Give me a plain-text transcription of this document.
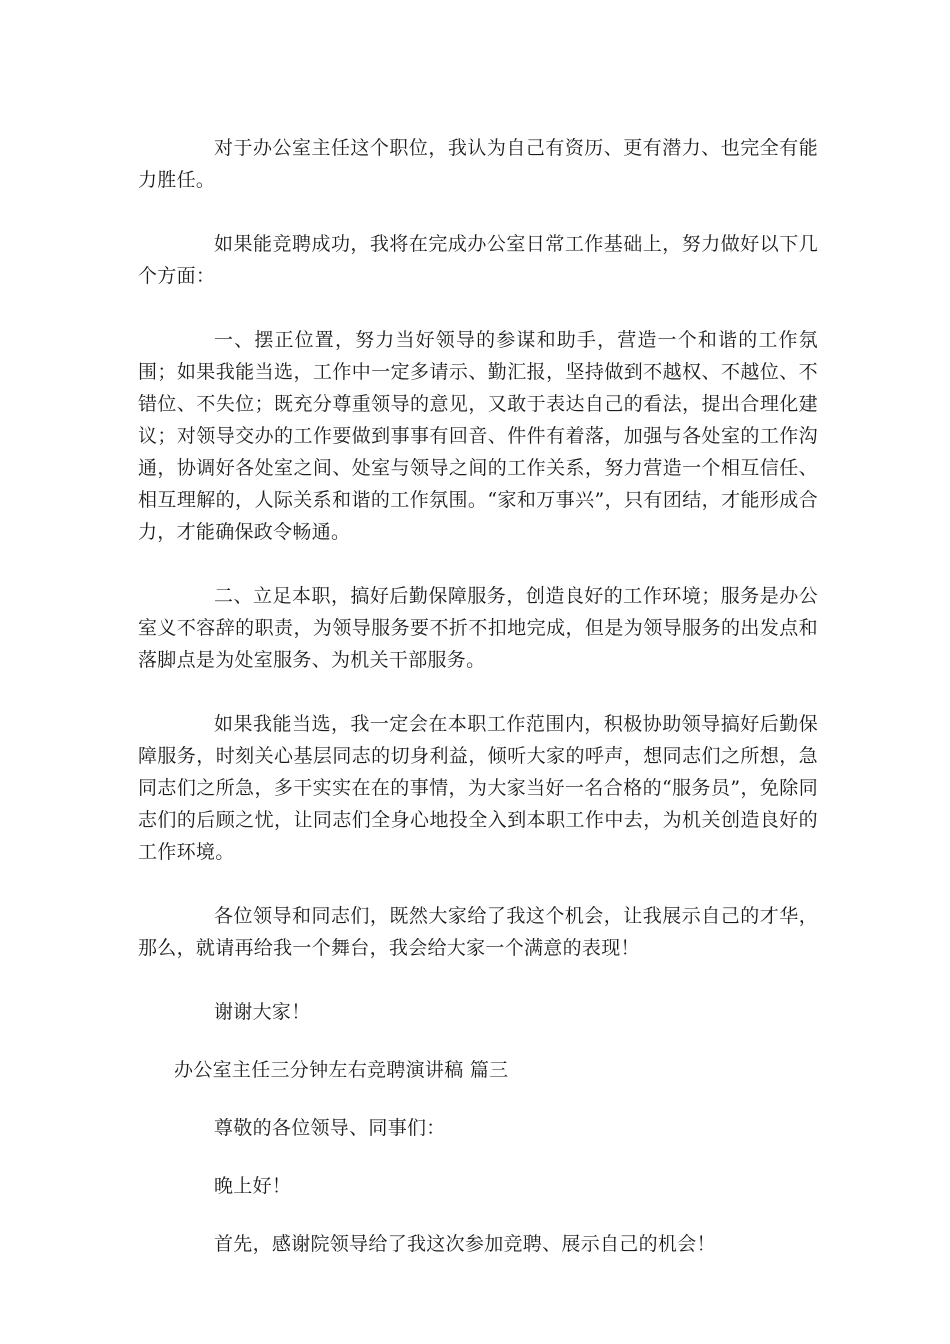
对于办公室主任这个职位，我认为自己有资历、更有潜力、也完全有能力胜任。

如果能竞聘成功，我将在完成办公室日常工作基础上，努力做好以下几个方面：

一、摆正位置，努力当好领导的参谋和助手，营造一个和谐的工作氛围；如果我能当选，工作中一定多请示、勤汇报，坚持做到不越权、不越位、不错位、不失位；既充分尊重领导的意见，又敢于表达自己的看法，提出合理化建议；对领导交办的工作要做到事事有回音、件件有着落，加强与各处室的工作沟通，协调好各处室之间、处室与领导之间的工作关系，努力营造一个相互信任、相互理解的，人际关系和谐的工作氛围。“家和万事兴”，只有团结，才能形成合力，才能确保政令畅通。

二、立足本职，搞好后勤保障服务，创造良好的工作环境；服务是办公室义不容辞的职责，为领导服务要不折不扣地完成，但是为领导服务的出发点和落脚点是为处室服务、为机关干部服务。

如果我能当选，我一定会在本职工作范围内，积极协助领导搞好后勤保障服务，时刻关心基层同志的切身利益，倾听大家的呼声，想同志们之所想，急同志们之所急，多干实实在在的事情，为大家当好一名合格的“服务员”，免除同志们的后顾之忧，让同志们全身心地投全入到本职工作中去，为机关创造良好的工作环境。

各位领导和同志们，既然大家给了我这个机会，让我展示自己的才华，那么，就请再给我一个舞台，我会给大家一个满意的表现！

谢谢大家！

办公室主任三分钟左右竞聘演讲稿 篇三

尊敬的各位领导、同事们：

晚上好！

首先，感谢院领导给了我这次参加竞聘、展示自己的机会！
